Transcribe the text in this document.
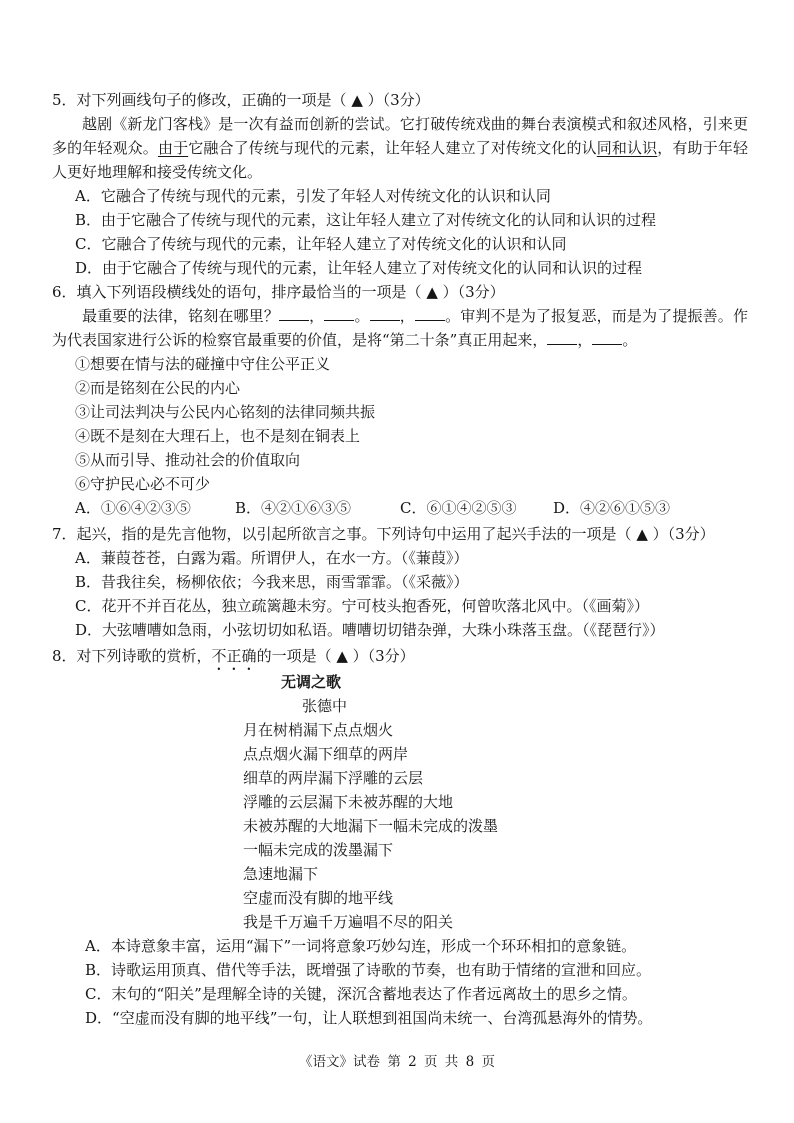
5．对下列画线句子的修改，正确的一项是（ ▲ ）（3分）
越剧《新龙门客栈》是一次有益而创新的尝试。它打破传统戏曲的舞台表演模式和叙述风格，引来更多的年轻观众。由于它融合了传统与现代的元素，让年轻人建立了对传统文化的认同和认识，有助于年轻人更好地理解和接受传统文化。
A．它融合了传统与现代的元素，引发了年轻人对传统文化的认识和认同
B．由于它融合了传统与现代的元素，这让年轻人建立了对传统文化的认同和认识的过程
C．它融合了传统与现代的元素，让年轻人建立了对传统文化的认识和认同
D．由于它融合了传统与现代的元素，让年轻人建立了对传统文化的认同和认识的过程
6．填入下列语段横线处的语句，排序最恰当的一项是（ ▲ ）（3分）
最重要的法律，铭刻在哪里？ ， 。 ， 。审判不是为了报复恶，而是为了提振善。作为代表国家进行公诉的检察官最重要的价值，是将“第二十条”真正用起来， ， 。
①想要在情与法的碰撞中守住公平正义
②而是铭刻在公民的内心
③让司法判决与公民内心铭刻的法律同频共振
④既不是刻在大理石上，也不是刻在铜表上
⑤从而引导、推动社会的价值取向
⑥守护民心必不可少
A．①⑥④②③⑤	B．④②①⑥③⑤	C．⑥①④②⑤③ D．④②⑥①⑤③
7．起兴，指的是先言他物，以引起所欲言之事。下列诗句中运用了起兴手法的一项是（ ▲ ）（3分）
A．蒹葭苍苍，白露为霜。所谓伊人，在水一方。（《蒹葭》）
B．昔我往矣，杨柳依依；今我来思，雨雪霏霏。（《采薇》）
C．花开不并百花丛，独立疏篱趣未穷。宁可枝头抱香死，何曾吹落北风中。（《画菊》）
D．大弦嘈嘈如急雨，小弦切切如私语。嘈嘈切切错杂弹，大珠小珠落玉盘。（《琵琶行》）
8．对下列诗歌的赏析，不正确的一项是（ ▲ ）（3分）
无调之歌
张德中
月在树梢漏下点点烟火
点点烟火漏下细草的两岸
细草的两岸漏下浮雕的云层
浮雕的云层漏下未被苏醒的大地
未被苏醒的大地漏下一幅未完成的泼墨
一幅未完成的泼墨漏下
急速地漏下
空虚而没有脚的地平线
我是千万遍千万遍唱不尽的阳关
A．本诗意象丰富，运用“漏下”一词将意象巧妙勾连，形成一个环环相扣的意象链。
B．诗歌运用顶真、借代等手法，既增强了诗歌的节奏，也有助于情绪的宣泄和回应。
C．末句的“阳关”是理解全诗的关键，深沉含蓄地表达了作者远离故土的思乡之情。
D．“空虚而没有脚的地平线”一句，让人联想到祖国尚未统一、台湾孤悬海外的情势。
《语文》试卷 第 2 页 共 8 页
